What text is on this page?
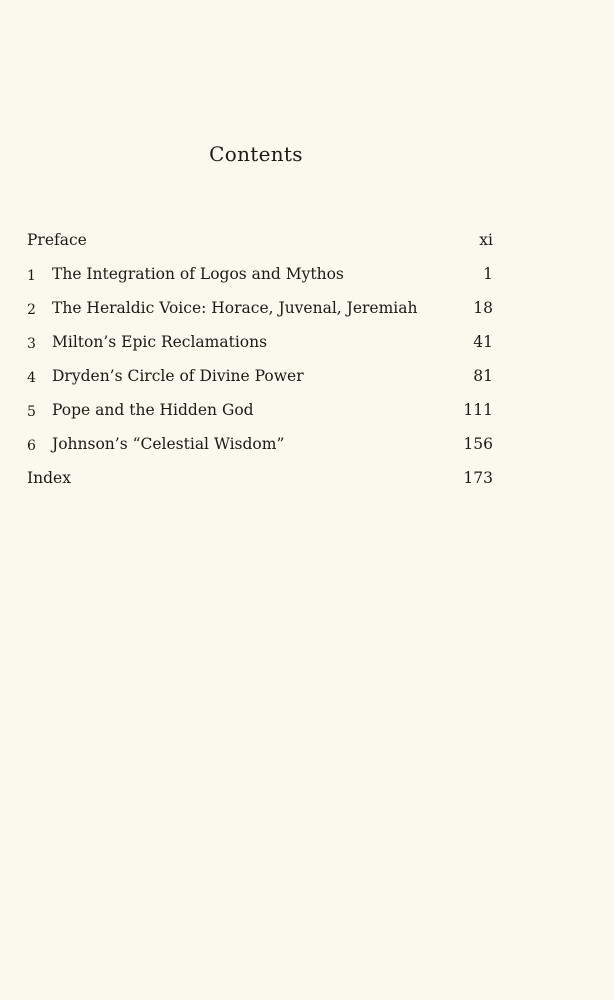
Contents
Preface	xi
1 The Integration of Logos and Mythos	1
2 The Heraldic Voice: Horace, Juvenal, Jeremiah	18
3 Milton’s Epic Reclamations	41
4 Dryden’s Circle of Divine Power	81
5 Pope and the Hidden God	111
6 Johnson’s “Celestial Wisdom”	156
Index	173
